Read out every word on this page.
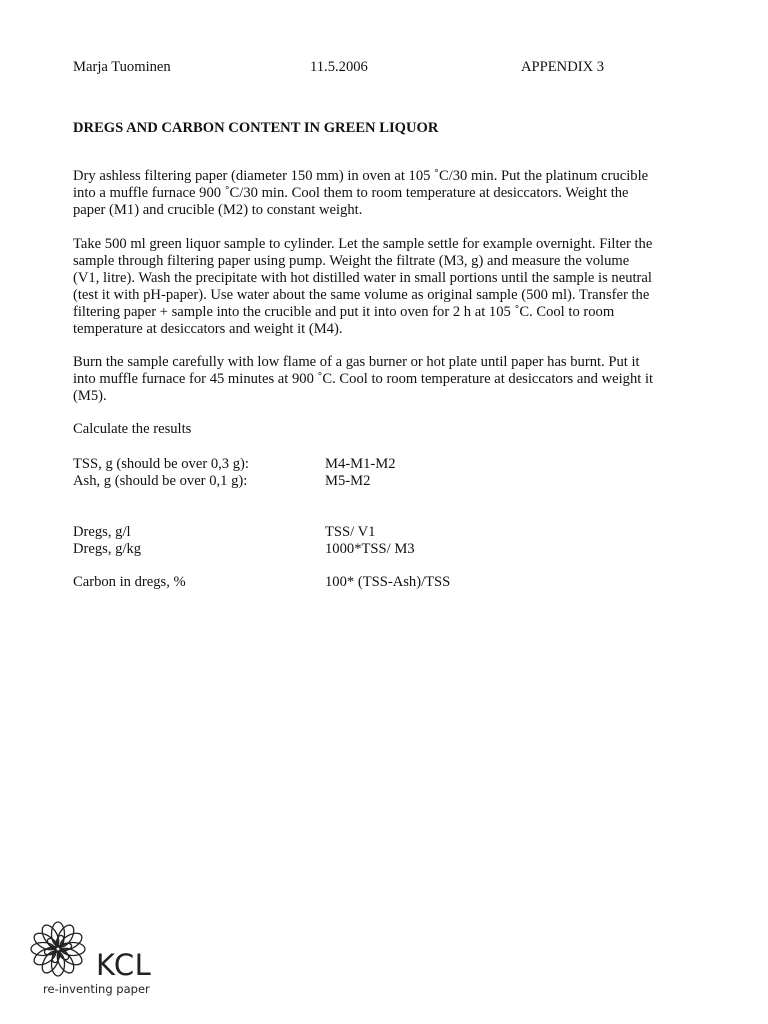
Marja Tuominen	11.5.2006	APPENDIX 3
DREGS AND CARBON CONTENT IN GREEN LIQUOR

Dry ashless filtering paper (diameter 150 mm) in oven at 105 ˚C/30 min. Put the platinum crucible
into a muffle furnace 900 ˚C/30 min. Cool them to room temperature at desiccators. Weight the
paper (M1) and crucible (M2) to constant weight.

Take 500 ml green liquor sample to cylinder. Let the sample settle for example overnight. Filter the
sample through filtering paper using pump. Weight the filtrate (M3, g) and measure the volume
(V1, litre). Wash the precipitate with hot distilled water in small portions until the sample is neutral
(test it with pH-paper). Use water about the same volume as original sample (500 ml). Transfer the
filtering paper + sample into the crucible and put it into oven for 2 h at 105 ˚C. Cool to room
temperature at desiccators and weight it (M4).

Burn the sample carefully with low flame of a gas burner or hot plate until paper has burnt. Put it
into muffle furnace for 45 minutes at 900 ˚C. Cool to room temperature at desiccators and weight it
(M5).

Calculate the results

TSS, g (should be over 0,3 g):	M4-M1-M2
Ash, g (should be over 0,1 g):	M5-M2
Dregs, g/l	TSS/ V1
Dregs, g/kg	1000*TSS/ M3
Carbon in dregs, %	100* (TSS-Ash)/TSS
KCL
re-inventing paper
